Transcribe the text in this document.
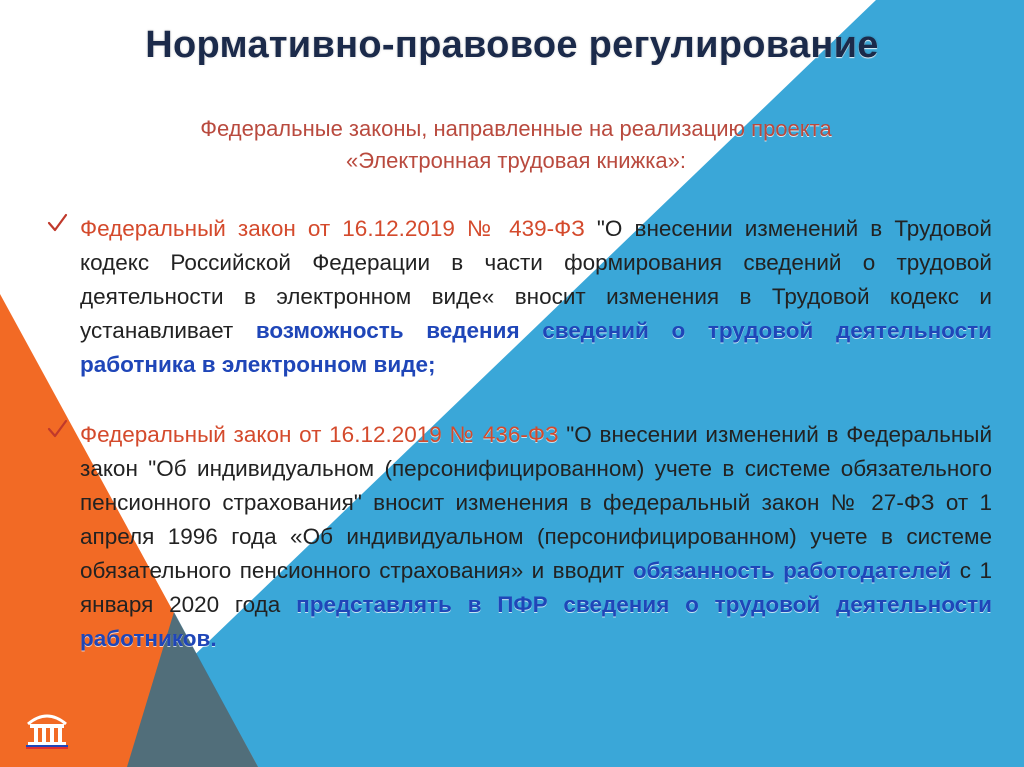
Нормативно-правовое регулирование
Федеральные законы, направленные на реализацию проекта
«Электронная трудовая книжка»:

Федеральный закон от 16.12.2019 № 439-ФЗ "О внесении изменений в Трудовой кодекс Российской Федерации в части формирования сведений о трудовой деятельности в электронном виде« вносит изменения в Трудовой кодекс и устанавливает возможность ведения сведений о трудовой деятельности работника в электронном виде;

Федеральный закон от 16.12.2019 № 436-ФЗ "О внесении изменений в Федеральный закон "Об индивидуальном (персонифицированном) учете в системе обязательного пенсионного страхования" вносит изменения в федеральный закон № 27-ФЗ от 1 апреля 1996 года «Об индивидуальном (персонифицированном) учете в системе обязательного пенсионного страхования» и вводит обязанность работодателей с 1 января 2020 года представлять в ПФР сведения о трудовой деятельности работников.
